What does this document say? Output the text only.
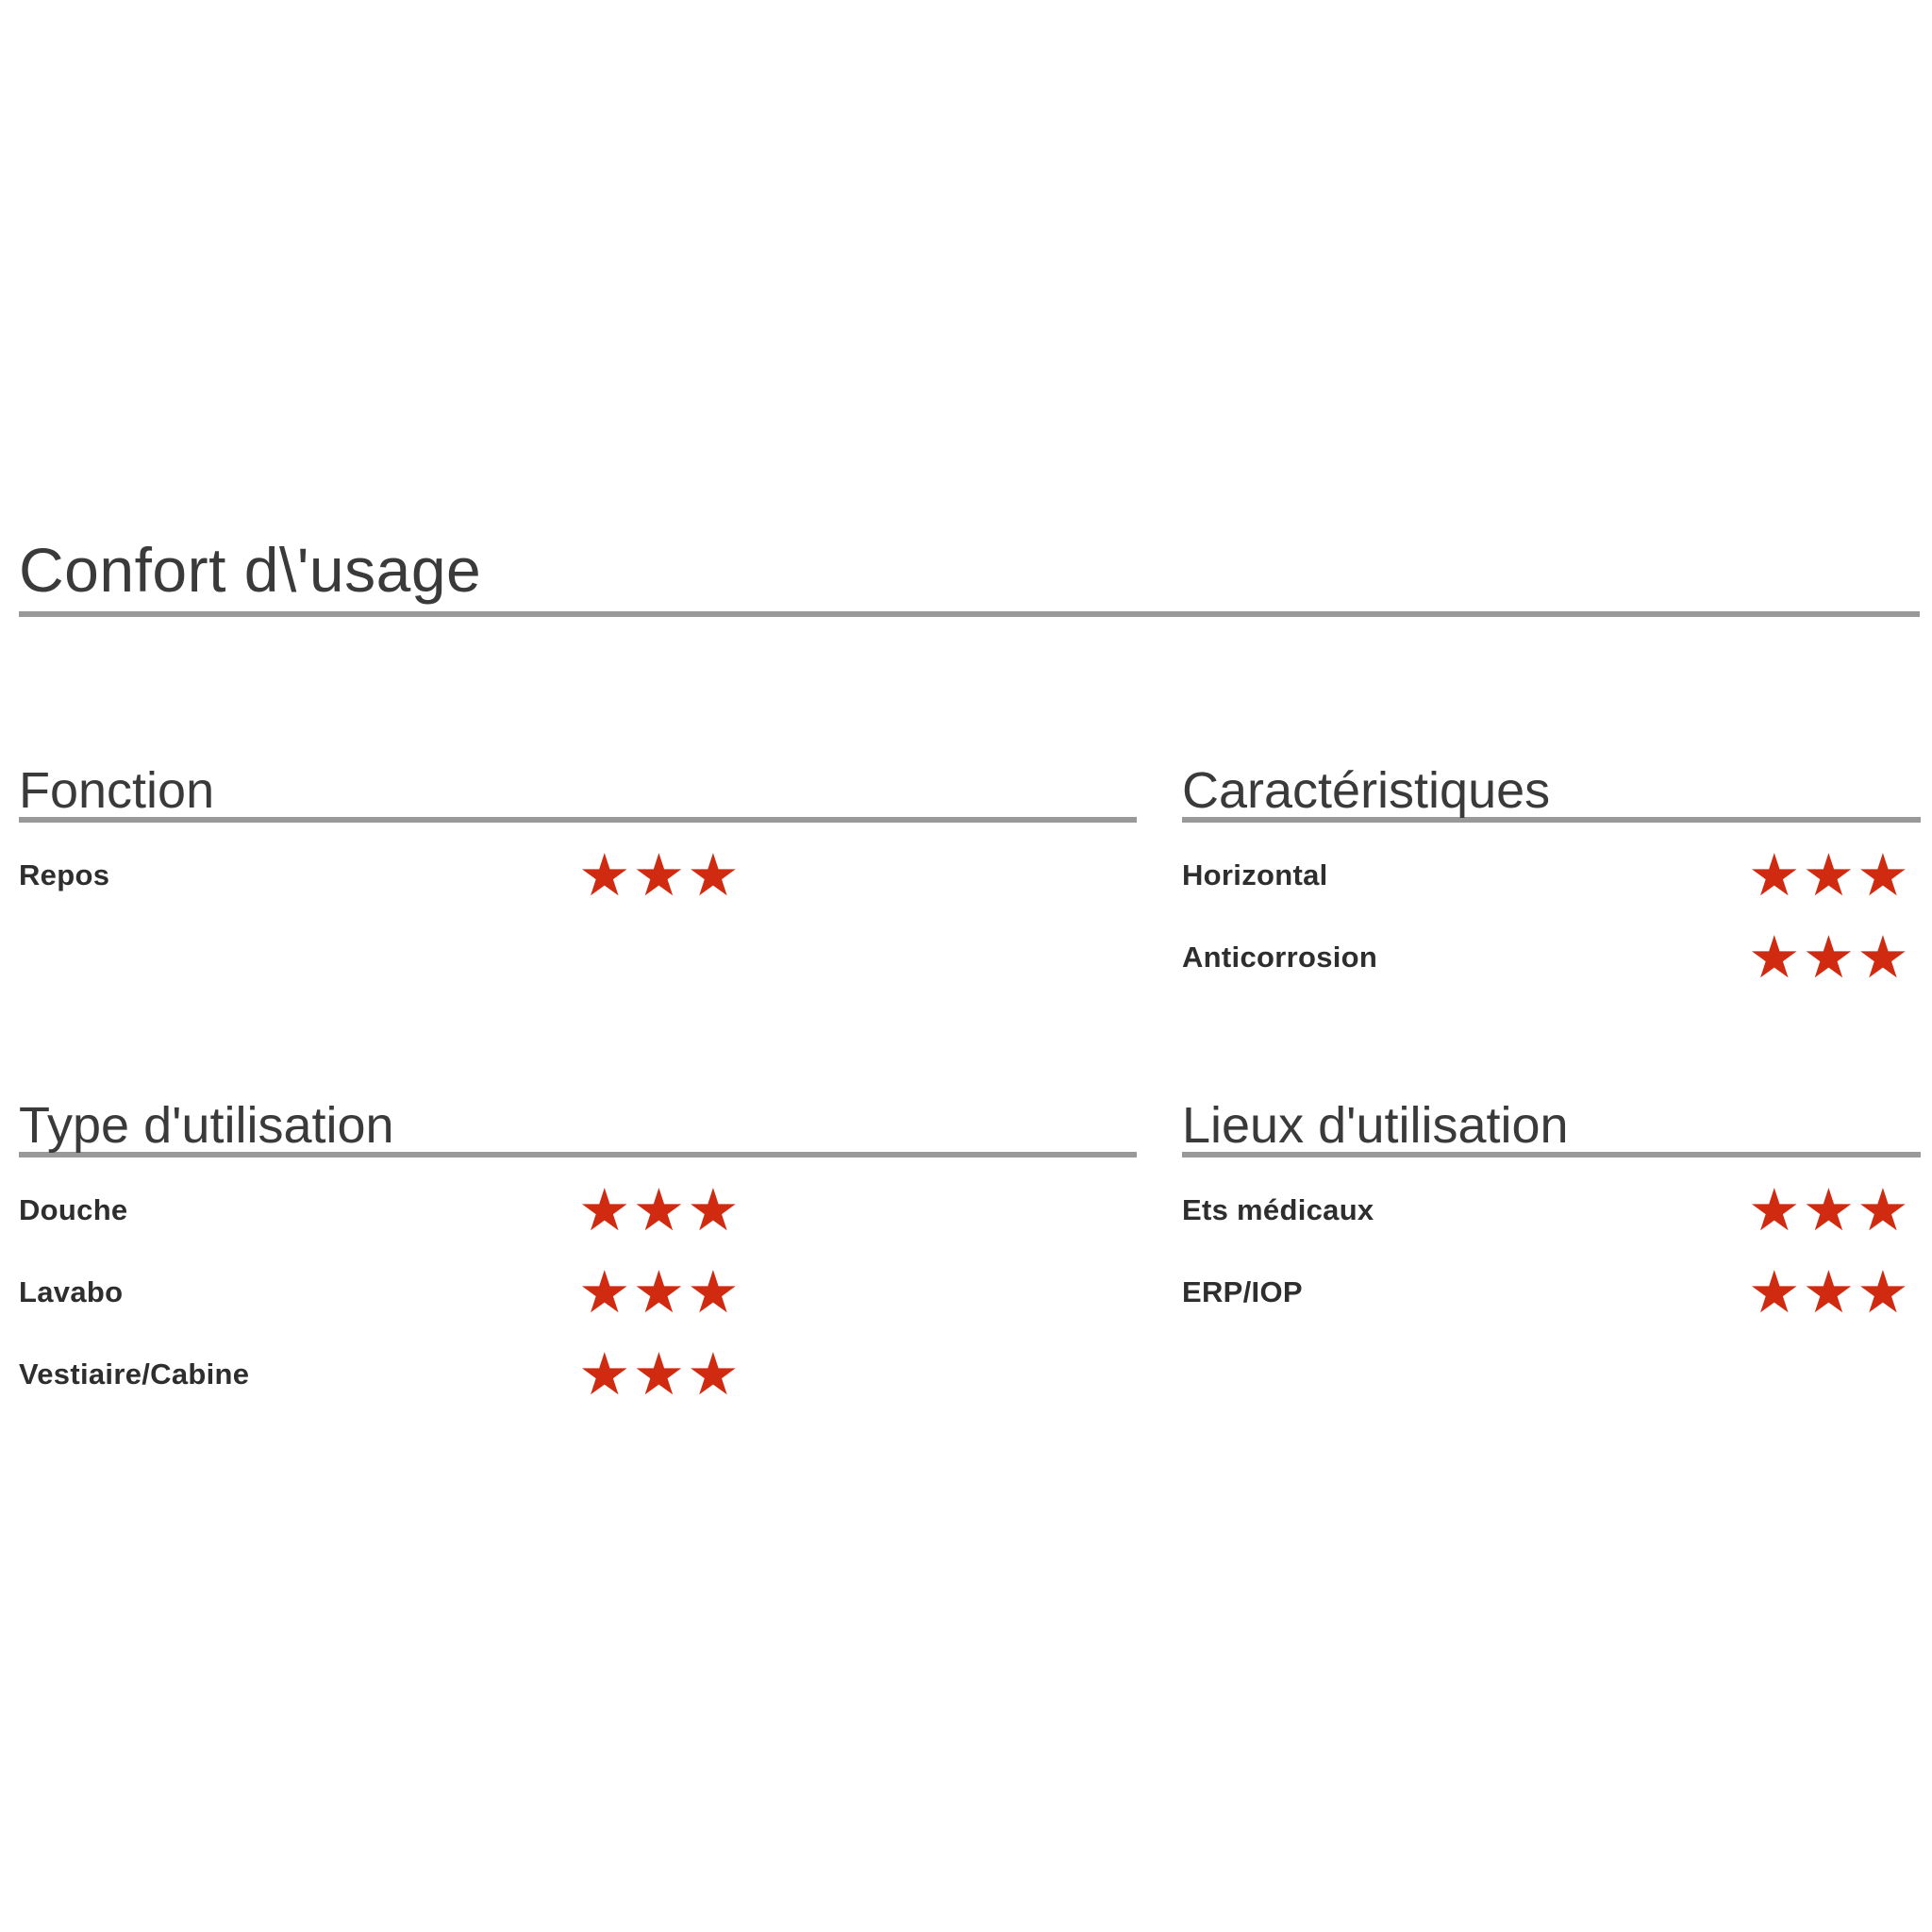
Confort d\'usage
Fonction
Repos	★★★
Caractéristiques
Horizontal	★★★
Anticorrosion	★★★
Type d'utilisation
Douche	★★★
Lavabo	★★★
Vestiaire/Cabine	★★★
Lieux d'utilisation
Ets médicaux	★★★
ERP/IOP	★★★
